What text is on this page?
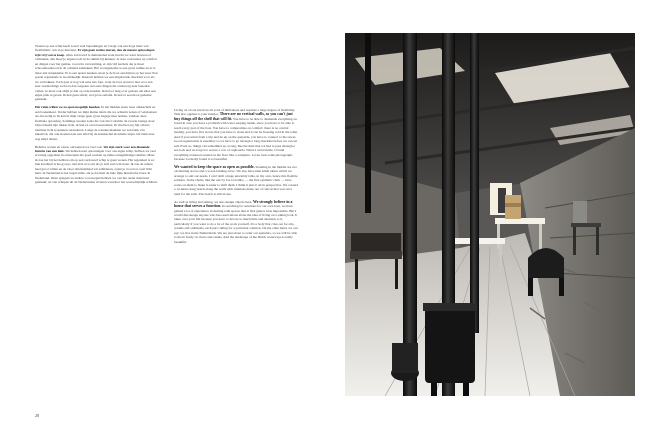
Wonen op een schip heeft zowel veel beperkingen en vraagt ook een hoge mate van flexibiliteit: ook in je interieur. Er zijn geen rechte muren, dus de meeste oplossingen zijn vrij van te koop. Alles aan boord is demontabel want mocht we weer bouwen of verhuizen, dan moet je ergens toch in de ruimte bij kunnen. Je doet concessies op comfort en dingen voor het gemak, vooral in verwarming, er zijn vijf kachels die je moet schoonhouden en in de ochtend aanmaken. Het woongedeelte is een grote ruimte en er is maar één slaapkamer. Er is een aparte keuken, moet je de hoot aandrijven op het vuur. Een goede organisatie is noodzakelijk. Daarom hebben we een uitgebreide checklist voor als we vertrekken. Toch gaat er nog wel eens iets fout, want de boot stond er niet voor een zeer stormachtige tocht en dan vergeten wel eens dingen die onderweg naar beneden vallen. Je moet ook altijd je dak op orde houden. Ik heb er lang over gedaan om alles een eigen plek te geven. Ik heb geen tafels; wel grote eettafel. Ik heb er een mooi gedeelte gemaakt.

Het ruim willen we zo open mogelijk houden. In het midden staan twee oliekachels en een boekenkast. Verder hebben we mijn kleine tafels die we achterin zetten of verplaatsen als dat nodig is. Ik kan in mijn vestje geen grote bagage mee nemen, vandaar deze flexibele oplossing. Sommige stoelen zoals die van Jan Colombo de zwarte lounge stoel bijvoorbeeld zijn lekker licht, ik kan ze overal neerzetten. Ik vind het erg fijn om het interieur licht te kunnen veranderen. Langs de wanden maakten we een bank van huisafval, die ook stoeien naar een tafel bij de houtkachel als kleine zitjes. De bank doet nog altijd dienst.

Behalve wonen en varen, ontwerpen we veel ook. We zijn sterk voor een dienende functie van een huis. We hebben naar oplossingen voor ons eigen schip, hebben we veel ervaring opgedaan in ontwerpen die goed werken op zulke onregelmatige ruimtes. Maar ik zou het bij het hebben om op een vertrouwd schip te gaan wonen. Het tegendeel is zo: hun kwaliteit is hoog en je rust zich al zo uit als je zelf veel wilt doen. Ik zou de ramen heel groot willen en de vloer dan helemaal wit schilderen, zodat je vooral zo veel licht hebt. In Nederland is het nogal strikt, zie je dat men de hele fijne historische bouw in Nederland. Onze spiegels en andere voorwerpen hebben we van het ouder materiaal gemaakt, en van schepen uit de Nederlandse rivieren waardoor het weerschijnlijk schittert.

Living on a boat involves all sorts of limitations and requires a large degree of flexibility. This also applies to your interior. There are no vertical walls, so you can't just buy things off the shelf that will fit. You have to be able to dismantle everything on board in case you have a problem with water seeping inside, since you have to be able to reach every part of the boat. You have to compromise on comfort: there is no central heating, you have five stoves that you have to clean and it can be freezing cold in the toilet. And if you return from a trip and tie up on the quayside, you have to connect to the sewer. Good organisation is essential, so we have to go through a long checklist before we can set sail. Even so, things can sometimes go wrong, like the time that we had to pass through a sea lock and we forgot to secure a row of cupboards. When I went inside, I found everything scattered around on the floor like a sculpture. I even took some photographs because I actually found it so beautiful.

We wanted to keep the space as open as possible. Standing in the middle are two oil-burning stoves and a wood-burning stove. We also have nine small tables which we arrange to suit our needs. I can't shift a huge unwieldy table on my own, hence this flexible solution. Some chairs, like the one by Joe Colombo — the first synthetic chair — have socks on them to make it easier to shift them. I think it puts it all in perspective. We created a 12-metre-long bench along the walls with cushions made out of canvas that was once used for the sails. The bench is still in use.

As well as living and sailing, we also design objects here. We strongly believe in a house that serves a function. In searching for solutions for our own boat, we have gained a lot of experience in dealing with spaces that at first glance look impossible. But I would discourage anyone who has reservations about the idea of living on a sailing boat. It takes over your life because you have to devote so much time and attention to it, particularly if you want to do a lot of the work yourself. It's a body that cries out for oils, creams and ointments, each part calling for a particular solution. On the other hand, we can say: we live in the Netherlands. We are just about to order our spatulars, so we will be able to move freely on rivers and canals. And the landscape of the Dutch waterways is really beautiful.

28
